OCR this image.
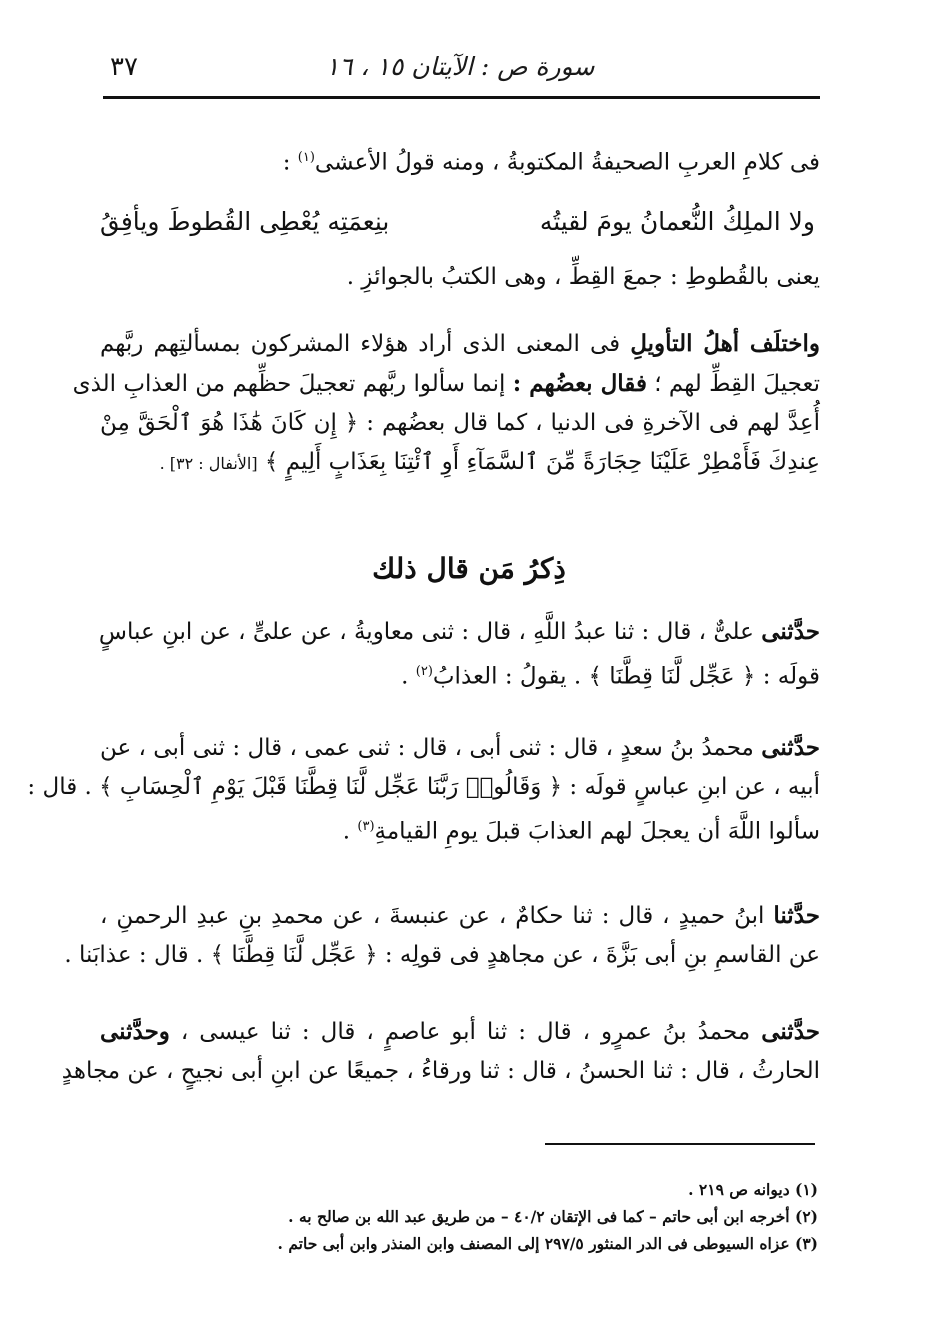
سورة ص : الآيتان ١٥ ، ١٦
٣٧
فى كلامِ العربِ الصحيفةُ المكتوبةُ ، ومنه قولُ الأعشى$^{(١)}$ :
ولا الملِكُ النُّعمانُ يومَ لقيتُه
بنِعمَتِه يُعْطِى القُطوطَ ويأفِقُ
يعنى بالقُطوطِ : جمعَ القِطِّ ، وهى الكتبُ بالجوائزِ .
واختلَف أهلُ التأويلِ فى المعنى الذى أراد هؤلاء المشركون بمسألتِهم ربَّهم
تعجيلَ القِطِّ لهم ؛ فقال بعضُهم : إنما سألوا ربَّهم تعجيلَ حظِّهم من العذابِ الذى
أُعِدَّ لهم فى الآخرةِ فى الدنيا ، كما قال بعضُهم : ﴿ إِن كَانَ هَٰذَا هُوَ ٱلْحَقَّ مِنْ
عِندِكَ فَأَمْطِرْ عَلَيْنَا حِجَارَةً مِّنَ ٱلسَّمَآءِ أَوِ ٱئْتِنَا بِعَذَابٍ أَلِيمٍ ﴾ [الأنفال : ٣٢] .
ذِكرُ مَن قال ذلك
حدَّثنى علىٌّ ، قال : ثنا عبدُ اللَّهِ ، قال : ثنى معاويةُ ، عن علىٍّ ، عن ابنِ عباسٍ
قولَه : ﴿ عَجِّل لَّنَا قِطَّنَا ﴾ . يقولُ : العذابُ$^{(٢)}$ .
حدَّثنى محمدُ بنُ سعدٍ ، قال : ثنى أبى ، قال : ثنى عمى ، قال : ثنى أبى ، عن
أبيه ، عن ابنِ عباسٍ قولَه : ﴿ وَقَالُوا۟ رَبَّنَا عَجِّل لَّنَا قِطَّنَا قَبْلَ يَوْمِ ٱلْحِسَابِ ﴾ . قال :
سألوا اللَّهَ أن يعجلَ لهم العذابَ قبلَ يومِ القيامةِ$^{(٣)}$ .
حدَّثنا ابنُ حميدٍ ، قال : ثنا حكامٌ ، عن عنبسةَ ، عن محمدِ بنِ عبدِ الرحمنِ ،
عن القاسمِ بنِ أبى بَزَّةَ ، عن مجاهدٍ فى قولِه : ﴿ عَجِّل لَّنَا قِطَّنَا ﴾ . قال : عذابَنا .
حدَّثنى محمدُ بنُ عمرٍو ، قال : ثنا أبو عاصمٍ ، قال : ثنا عيسى ، وحدَّثنى
الحارثُ ، قال : ثنا الحسنُ ، قال : ثنا ورقاءُ ، جميعًا عن ابنِ أبى نجيحٍ ، عن مجاهدٍ
(١) ديوانه ص ٢١٩ .
(٢) أخرجه ابن أبى حاتم – كما فى الإتقان ٤٠/٢ – من طريق عبد الله بن صالح به .
(٣) عزاه السيوطى فى الدر المنثور ٢٩٧/٥ إلى المصنف وابن المنذر وابن أبى حاتم .
